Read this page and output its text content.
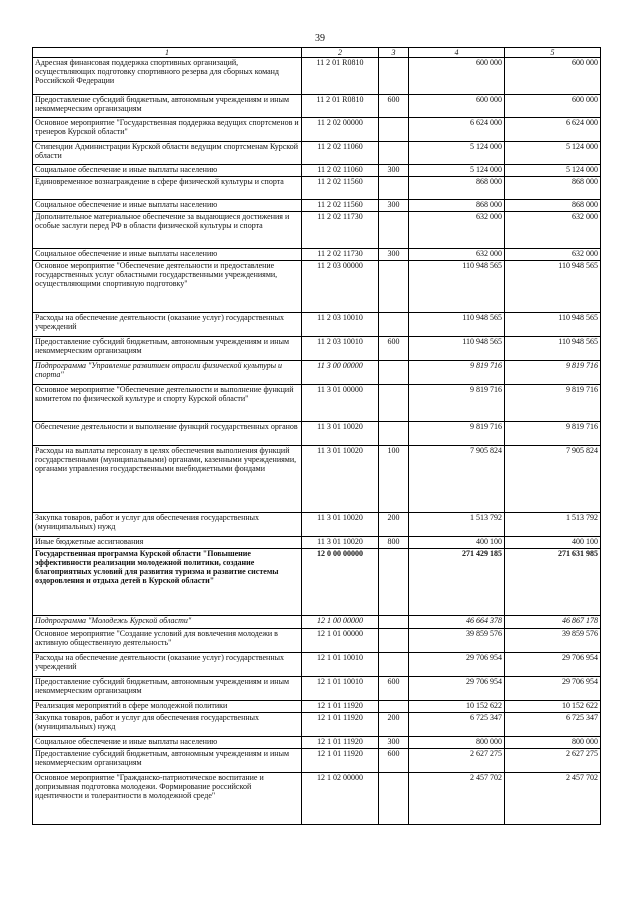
39
1	2	3	4	5
Адресная финансовая поддержка спортивных организаций, осуществляющих подготовку спортивного резерва для сборных команд Российской Федерации	11 2 01 R0810		600 000	600 000
Предоставление субсидий бюджетным, автономным учреждениям и иным некоммерческим организациям	11 2 01 R0810	600	600 000	600 000
Основное мероприятие "Государственная поддержка ведущих спортсменов и тренеров Курской области"	11 2 02 00000		6 624 000	6 624 000
Стипендии Администрации Курской области ведущим спортсменам Курской области	11 2 02 11060		5 124 000	5 124 000
Социальное обеспечение и иные выплаты населению	11 2 02 11060	300	5 124 000	5 124 000
Единовременное вознаграждение в сфере физической культуры и спорта	11 2 02 11560		868 000	868 000
Социальное обеспечение и иные выплаты населению	11 2 02 11560	300	868 000	868 000
Дополнительное материальное обеспечение за выдающиеся достижения и особые заслуги перед РФ в области физической культуры и спорта	11 2 02 11730		632 000	632 000
Социальное обеспечение и иные выплаты населению	11 2 02 11730	300	632 000	632 000
Основное мероприятие "Обеспечение деятельности и предоставление государственных услуг областными государственными учреждениями, осуществляющими спортивную подготовку"	11 2 03 00000		110 948 565	110 948 565
Расходы на обеспечение деятельности (оказание услуг) государственных учреждений	11 2 03 10010		110 948 565	110 948 565
Предоставление субсидий бюджетным, автономным учреждениям и иным некоммерческим организациям	11 2 03 10010	600	110 948 565	110 948 565
Подпрограмма "Управление развитием отрасли физической культуры и спорта"	11 3 00 00000		9 819 716	9 819 716
Основное мероприятие "Обеспечение деятельности и выполнение функций комитетом по физической культуре и спорту Курской области"	11 3 01 00000		9 819 716	9 819 716
Обеспечение деятельности и выполнение функций государственных органов	11 3 01 10020		9 819 716	9 819 716
Расходы на выплаты персоналу в целях обеспечения выполнения функций государственными (муниципальными) органами, казенными учреждениями, органами управления государственными внебюджетными фондами	11 3 01 10020	100	7 905 824	7 905 824
Закупка товаров, работ и услуг для обеспечения государственных (муниципальных) нужд	11 3 01 10020	200	1 513 792	1 513 792
Иные бюджетные ассигнования	11 3 01 10020	800	400 100	400 100
Государственная программа Курской области "Повышение эффективности реализации молодежной политики, создание благоприятных условий для развития туризма и развитие системы оздоровления и отдыха детей в Курской области"	12 0 00 00000		271 429 185	271 631 985
Подпрограмма "Молодежь Курской области"	12 1 00 00000		46 664 378	46 867 178
Основное мероприятие "Создание условий для вовлечения молодежи в активную общественную деятельность"	12 1 01 00000		39 859 576	39 859 576
Расходы на обеспечение деятельности (оказание услуг) государственных учреждений	12 1 01 10010		29 706 954	29 706 954
Предоставление субсидий бюджетным, автономным учреждениям и иным некоммерческим организациям	12 1 01 10010	600	29 706 954	29 706 954
Реализация мероприятий в сфере молодежной политики	12 1 01 11920		10 152 622	10 152 622
Закупка товаров, работ и услуг для обеспечения государственных (муниципальных) нужд	12 1 01 11920	200	6 725 347	6 725 347
Социальное обеспечение и иные выплаты населению	12 1 01 11920	300	800 000	800 000
Предоставление субсидий бюджетным, автономным учреждениям и иным некоммерческим организациям	12 1 01 11920	600	2 627 275	2 627 275
Основное мероприятие "Гражданско-патриотическое воспитание и допризывная подготовка молодежи. Формирование российской идентичности и толерантности в молодежной среде"	12 1 02 00000		2 457 702	2 457 702
